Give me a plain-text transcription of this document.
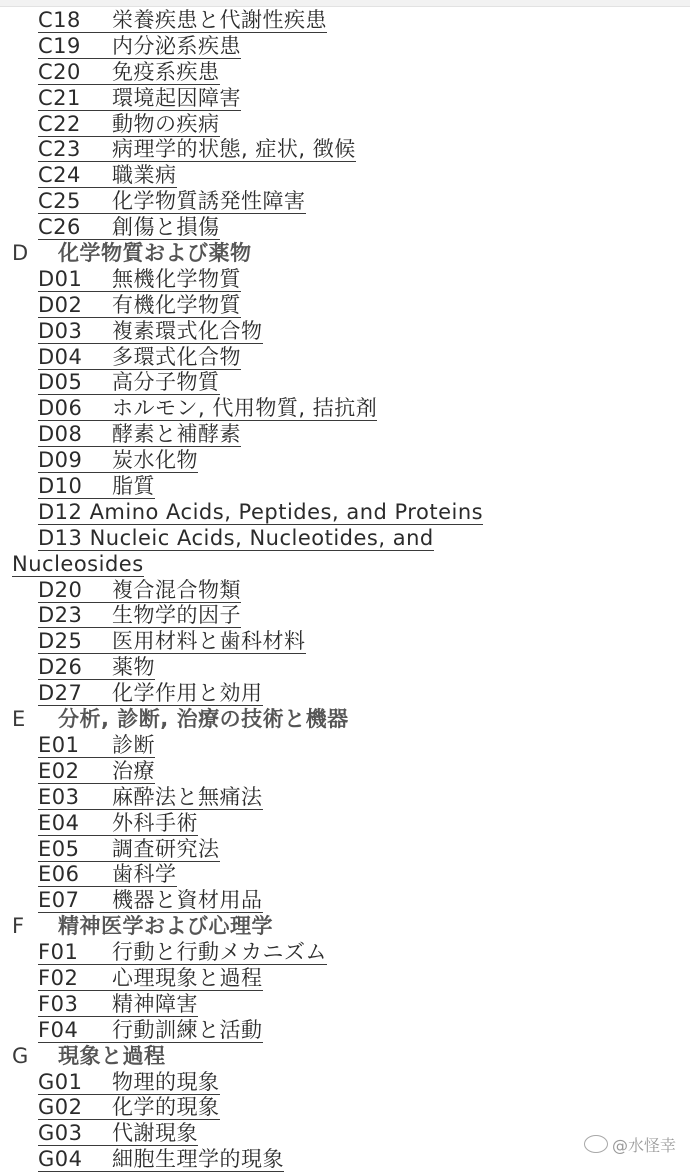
C18 栄養疾患と代謝性疾患
C19 内分泌系疾患
C20 免疫系疾患
C21 環境起因障害
C22 動物の疾病
C23 病理学的状態, 症状, 徴候
C24 職業病
C25 化学物質誘発性障害
C26 創傷と損傷
D 化学物質および薬物
D01 無機化学物質
D02 有機化学物質
D03 複素環式化合物
D04 多環式化合物
D05 高分子物質
D06 ホルモン, 代用物質, 拮抗剤
D08 酵素と補酵素
D09 炭水化物
D10 脂質
D12 Amino Acids, Peptides, and Proteins
D13 Nucleic Acids, Nucleotides, and
Nucleosides
D20 複合混合物類
D23 生物学的因子
D25 医用材料と歯科材料
D26 薬物
D27 化学作用と効用
E 分析, 診断, 治療の技術と機器
E01 診断
E02 治療
E03 麻酔法と無痛法
E04 外科手術
E05 調査研究法
E06 歯科学
E07 機器と資材用品
F 精神医学および心理学
F01 行動と行動メカニズム
F02 心理現象と過程
F03 精神障害
F04 行動訓練と活動
G 現象と過程
G01 物理的現象
G02 化学的現象
G03 代謝現象
G04 細胞生理学的現象
@水怪幸
